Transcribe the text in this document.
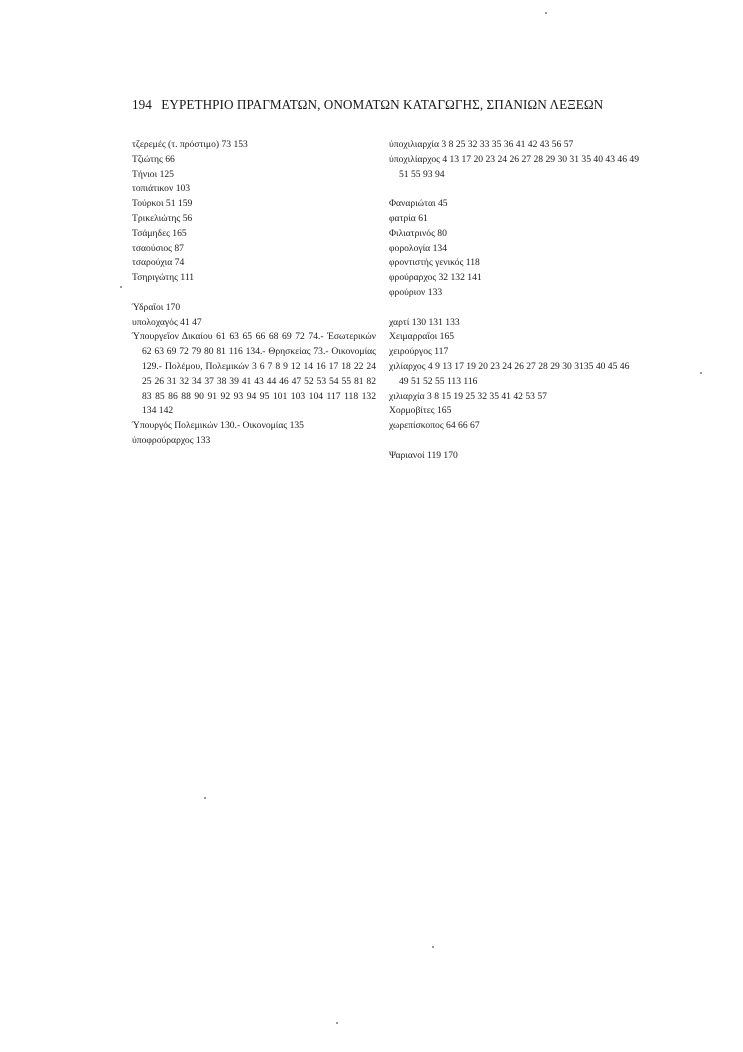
194 ΕΥΡΕΤΗΡΙΟ ΠΡΑΓΜΑΤΩΝ, ΟΝΟΜΑΤΩΝ ΚΑΤΑΓΩΓΗΣ, ΣΠΑΝΙΩΝ ΛΕΞΕΩΝ

τζερεμές (τ. πρόστιμο) 73 153

Τζιώτης 66

Τήνιοι 125

τοπιάτικον 103

Τούρκοι 51 159

Τρικελιώτης 56

Τσάμηδες 165

τσαούσιος 87

τσαρούχια 74

Τσηριγώτης 111

Ύδραΐοι 170

υπολοχαγός 41 47

Ύπουργεΐον Δικαίου 61 63 65 66 68 69 72 74.- Έσωτερικών 62 63 69 72 79 80 81 116 134.- Θρησκείας 73.- Οικονομίας 129.- Πολέμου, Πολεμικών 3 6 7 8 9 12 14 16 17 18 22 24 25 26 31 32 34 37 38 39 41 43 44 46 47 52 53 54 55 81 82 83 85 86 88 90 91 92 93 94 95 101 103 104 117 118 132 134 142

Ύπουργός Πολεμικών 130.- Οικονομίας 135

ύποφρούραρχος 133

ύποχιλιαρχία 3 8 25 32 33 35 36 41 42 43 56 57

ύποχιλίαρχος 4 13 17 20 23 24 26 27 28 29 30 31 35 40 43 46 49 51 55 93 94

Φαναριώται 45

φατρία 61

Φιλιατρινός 80

φορολογία 134

φροντιστής γενικός 118

φρούραρχος 32 132 141

φρούριον 133

χαρτί 130 131 133

Χειμαρραΐοι 165

χειρούργος 117

χιλίαρχος 4 9 13 17 19 20 23 24 26 27 28 29 30 3135 40 45 46 49 51 52 55 113 116

χιλιαρχία 3 8 15 19 25 32 35 41 42 53 57

Χορμοβίτες 165

χωρεπίσκοπος 64 66 67

Ψαριανοί 119 170
